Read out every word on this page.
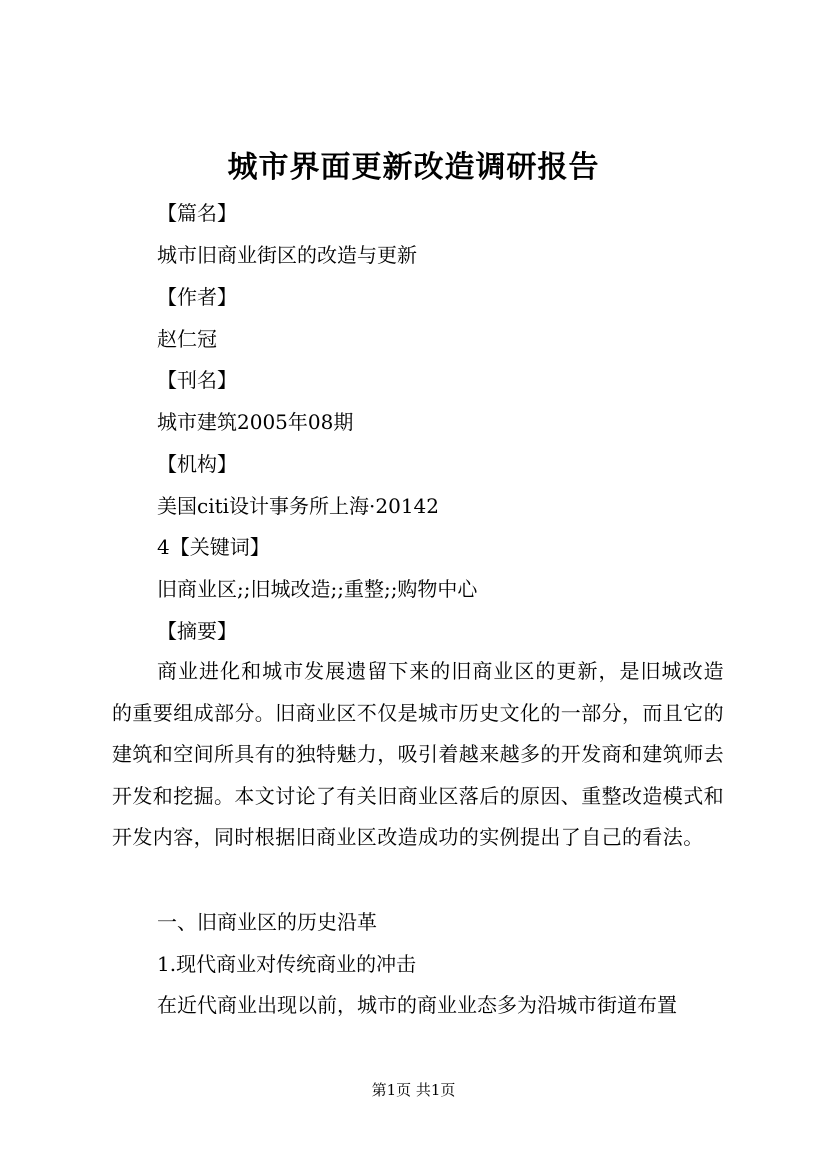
城市界面更新改造调研报告
【篇名】
城市旧商业街区的改造与更新
【作者】
赵仁冠
【刊名】
城市建筑2005年08期
【机构】
美国citi设计事务所上海·20142
4【关键词】
旧商业区;;旧城改造;;重整;;购物中心
【摘要】
商业进化和城市发展遗留下来的旧商业区的更新，是旧城改造的重要组成部分。旧商业区不仅是城市历史文化的一部分，而且它的建筑和空间所具有的独特魅力，吸引着越来越多的开发商和建筑师去开发和挖掘。本文讨论了有关旧商业区落后的原因、重整改造模式和开发内容，同时根据旧商业区改造成功的实例提出了自己的看法。
一、旧商业区的历史沿革
1.现代商业对传统商业的冲击
在近代商业出现以前，城市的商业业态多为沿城市街道布置
第1页 共1页
